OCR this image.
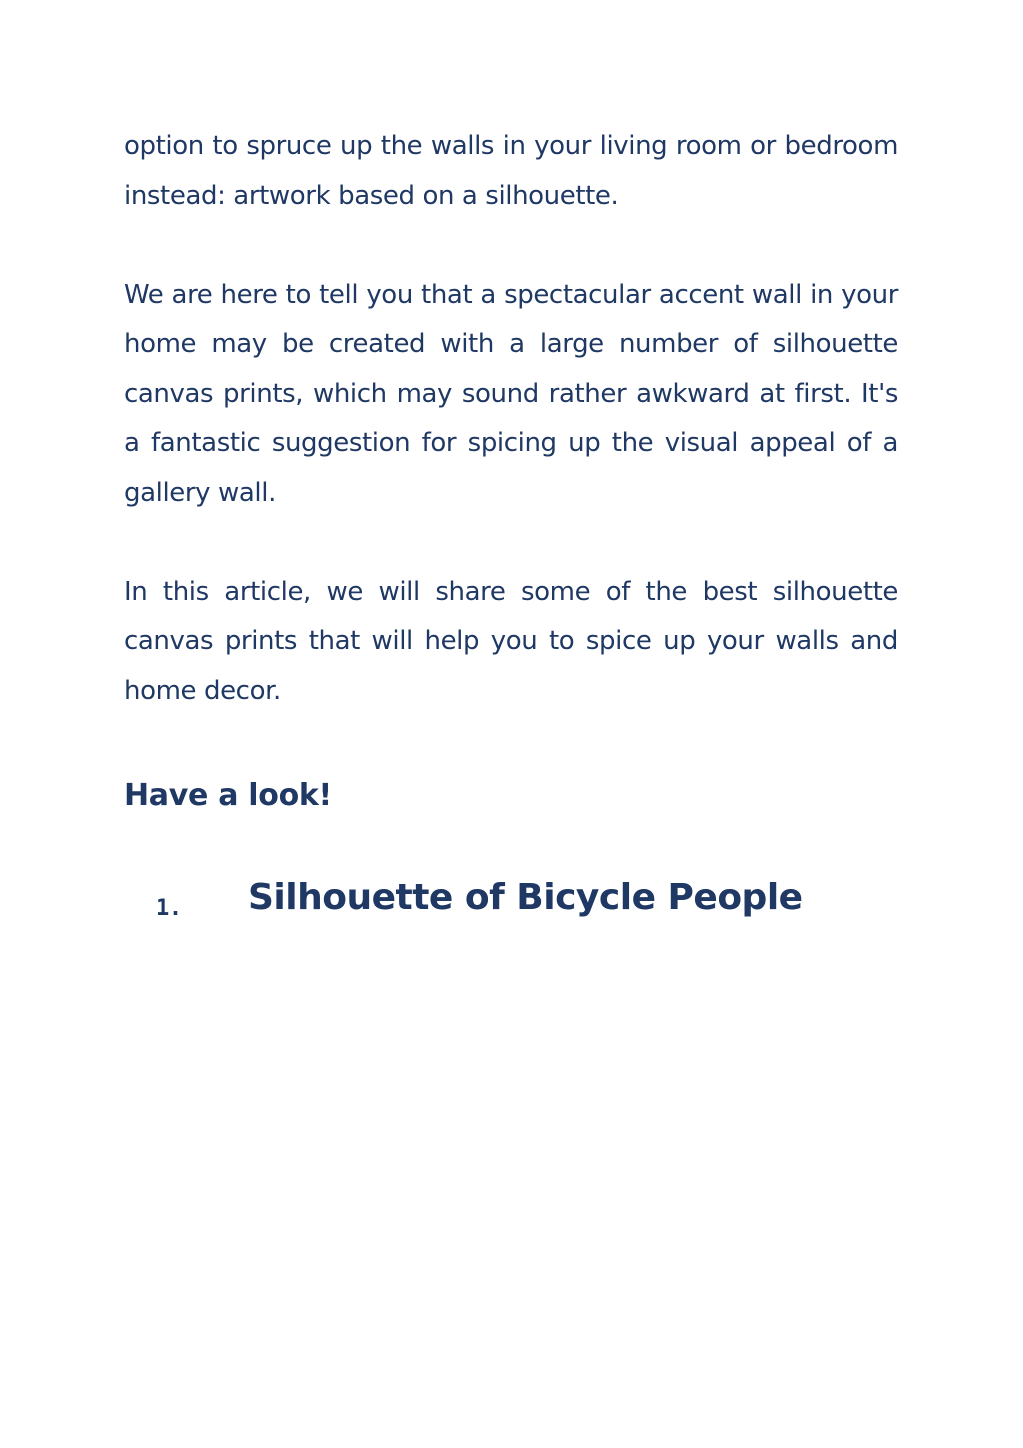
option to spruce up the walls in your living room or bedroom instead: artwork based on a silhouette.

We are here to tell you that a spectacular accent wall in your home may be created with a large number of silhouette canvas prints, which may sound rather awkward at first. It's a fantastic suggestion for spicing up the visual appeal of a gallery wall.

In this article, we will share some of the best silhouette canvas prints that will help you to spice up your walls and home decor.

Have a look!
1. Silhouette of Bicycle People
